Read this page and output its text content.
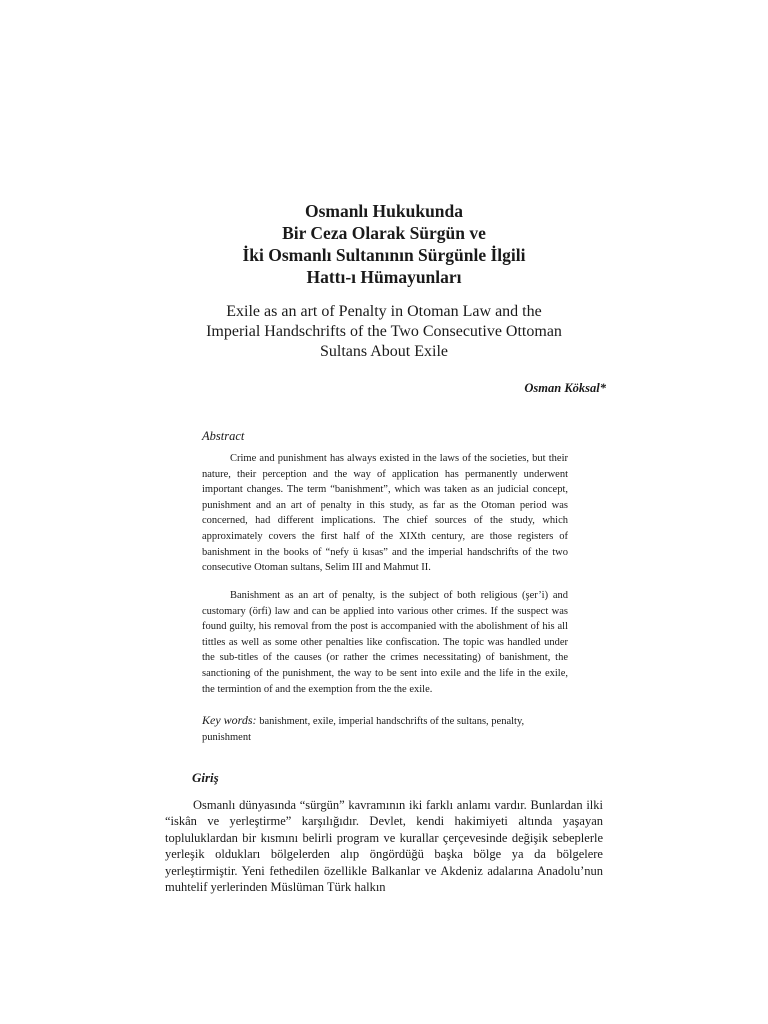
Osmanlı Hukukunda
Bir Ceza Olarak Sürgün ve
İki Osmanlı Sultanının Sürgünle İlgili
Hattı-ı Hümayunları
Exile as an art of Penalty in Otoman Law and the
Imperial Handschrifts of the Two Consecutive Ottoman
Sultans About Exile
Osman Köksal*
Abstract

Crime and punishment has always existed in the laws of the societies, but their nature, their perception and the way of application has permanently underwent important changes. The term “banishment”, which was taken as an judicial concept, punishment and an art of penalty in this study, as far as the Otoman period was concerned, had different implications. The chief sources of the study, which approximately covers the first half of the XIXth century, are those registers of banishment in the books of “nefy ü kısas” and the imperial handschrifts of the two consecutive Otoman sultans, Selim III and Mahmut II.

Banishment as an art of penalty, is the subject of both religious (şer’i) and customary (örfi) law and can be applied into various other crimes. If the suspect was found guilty, his removal from the post is accompanied with the abolishment of his all tittles as well as some other penalties like confiscation. The topic was handled under the sub-titles of the causes (or rather the crimes necessitating) of banishment, the sanctioning of the punishment, the way to be sent into exile and the life in the exile, the termintion of and the exemption from the the exile.

Key words: banishment, exile, imperial handschrifts of the sultans, penalty, punishment
Giriş

Osmanlı dünyasında “sürgün” kavramının iki farklı anlamı vardır. Bunlardan ilki “iskân ve yerleştirme” karşılığıdır. Devlet, kendi hakimiyeti altında yaşayan topluluklardan bir kısmını belirli program ve kurallar çerçevesinde değişik sebeplerle yerleşik oldukları bölgelerden alıp öngördüğü başka bölge ya da bölgelere yerleştirmiştir. Yeni fethedilen özellikle Balkanlar ve Akdeniz adalarına Anadolu’nun muhtelif yerlerinden Müslüman Türk halkın
